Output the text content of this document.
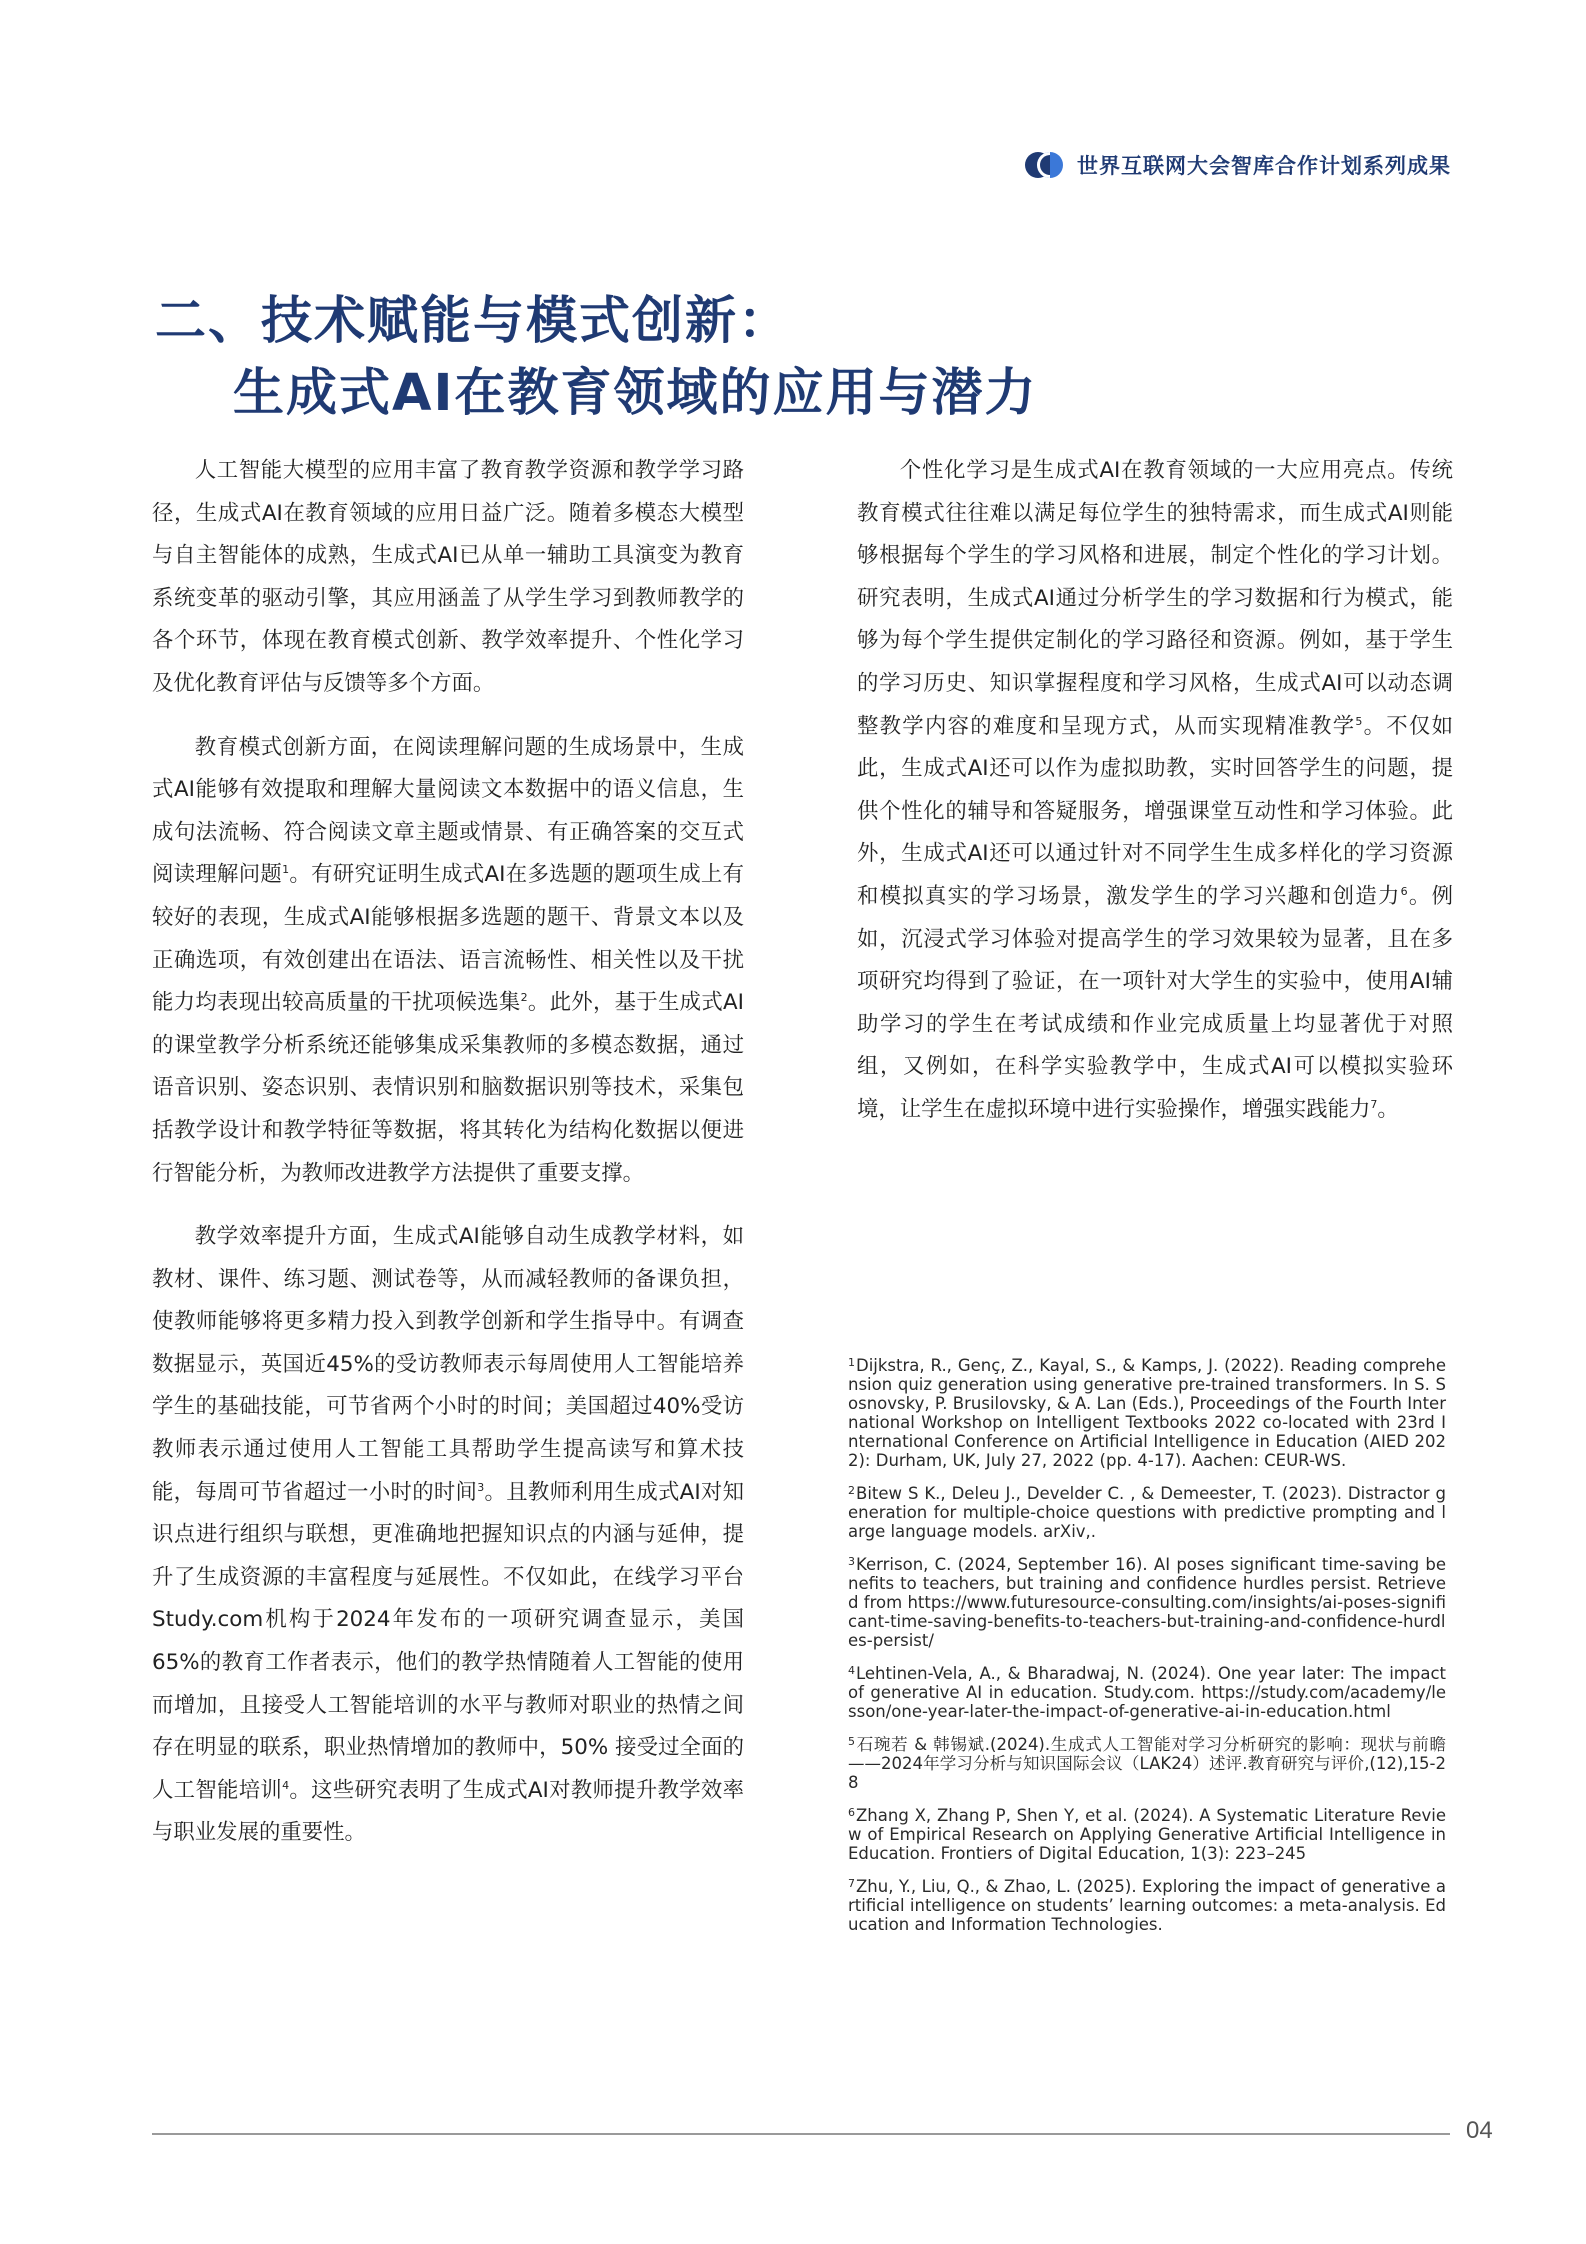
世界互联网大会智库合作计划系列成果
二、技术赋能与模式创新：
生成式AI在教育领域的应用与潜力

人工智能大模型的应用丰富了教育教学资源和教学学习路径，生成式AI在教育领域的应用日益广泛。随着多模态大模型与自主智能体的成熟，生成式AI已从单一辅助工具演变为教育系统变革的驱动引擎，其应用涵盖了从学生学习到教师教学的各个环节，体现在教育模式创新、教学效率提升、个性化学习及优化教育评估与反馈等多个方面。

教育模式创新方面，在阅读理解问题的生成场景中，生成式AI能够有效提取和理解大量阅读文本数据中的语义信息，生成句法流畅、符合阅读文章主题或情景、有正确答案的交互式阅读理解问题$^1$。有研究证明生成式AI在多选题的题项生成上有较好的表现，生成式AI能够根据多选题的题干、背景文本以及正确选项，有效创建出在语法、语言流畅性、相关性以及干扰能力均表现出较高质量的干扰项候选集$^2$。此外，基于生成式AI的课堂教学分析系统还能够集成采集教师的多模态数据，通过语音识别、姿态识别、表情识别和脑数据识别等技术，采集包括教学设计和教学特征等数据，将其转化为结构化数据以便进行智能分析，为教师改进教学方法提供了重要支撑。

教学效率提升方面，生成式AI能够自动生成教学材料，如教材、课件、练习题、测试卷等，从而减轻教师的备课负担，使教师能够将更多精力投入到教学创新和学生指导中。有调查数据显示，英国近45%的受访教师表示每周使用人工智能培养学生的基础技能，可节省两个小时的时间；美国超过40%受访教师表示通过使用人工智能工具帮助学生提高读写和算术技能，每周可节省超过一小时的时间$^3$。且教师利用生成式AI对知识点进行组织与联想，更准确地把握知识点的内涵与延伸，提升了生成资源的丰富程度与延展性。不仅如此，在线学习平台Study.com机构于2024年发布的一项研究调查显示，美国65%的教育工作者表示，他们的教学热情随着人工智能的使用而增加，且接受人工智能培训的水平与教师对职业的热情之间存在明显的联系，职业热情增加的教师中，50% 接受过全面的人工智能培训$^4$。这些研究表明了生成式AI对教师提升教学效率与职业发展的重要性。

个性化学习是生成式AI在教育领域的一大应用亮点。传统教育模式往往难以满足每位学生的独特需求，而生成式AI则能够根据每个学生的学习风格和进展，制定个性化的学习计划。研究表明，生成式AI通过分析学生的学习数据和行为模式，能够为每个学生提供定制化的学习路径和资源。例如，基于学生的学习历史、知识掌握程度和学习风格，生成式AI可以动态调整教学内容的难度和呈现方式，从而实现精准教学$^5$。不仅如此，生成式AI还可以作为虚拟助教，实时回答学生的问题，提供个性化的辅导和答疑服务，增强课堂互动性和学习体验。此外，生成式AI还可以通过针对不同学生生成多样化的学习资源和模拟真实的学习场景，激发学生的学习兴趣和创造力$^6$。例如，沉浸式学习体验对提高学生的学习效果较为显著，且在多项研究均得到了验证，在一项针对大学生的实验中，使用AI辅助学习的学生在考试成绩和作业完成质量上均显著优于对照组，又例如，在科学实验教学中，生成式AI可以模拟实验环境，让学生在虚拟环境中进行实验操作，增强实践能力$^7$。

$^1$Dijkstra, R., Genç, Z., Kayal, S., & Kamps, J. (2022). Reading comprehension quiz generation using generative pre-trained transformers. In S. Sosnovsky, P. Brusilovsky, & A. Lan (Eds.), Proceedings of the Fourth International Workshop on Intelligent Textbooks 2022 co-located with 23rd International Conference on Artificial Intelligence in Education (AIED 2022): Durham, UK, July 27, 2022 (pp. 4-17). Aachen: CEUR-WS.
$^2$Bitew S K., Deleu J., Develder C. , & Demeester, T. (2023). Distractor generation for multiple-choice questions with predictive prompting and large language models. arXiv,.
$^3$Kerrison, C. (2024, September 16). AI poses significant time-saving benefits to teachers, but training and confidence hurdles persist. Retrieved from https://www.futuresource-consulting.com/insights/ai-poses-significant-time-saving-benefits-to-teachers-but-training-and-confidence-hurdles-persist/
$^4$Lehtinen-Vela, A., & Bharadwaj, N. (2024). One year later: The impact of generative AI in education. Study.com. https://study.com/academy/lesson/one-year-later-the-impact-of-generative-ai-in-education.html
$^5$石琬若 & 韩锡斌.(2024).生成式人工智能对学习分析研究的影响：现状与前瞻——2024年学习分析与知识国际会议（LAK24）述评.教育研究与评价,(12),15-28
$^6$Zhang X, Zhang P, Shen Y, et al. (2024). A Systematic Literature Review of Empirical Research on Applying Generative Artificial Intelligence in Education. Frontiers of Digital Education, 1(3): 223–245
$^7$Zhu, Y., Liu, Q., & Zhao, L. (2025). Exploring the impact of generative artificial intelligence on students’ learning outcomes: a meta-analysis. Education and Information Technologies.
04
